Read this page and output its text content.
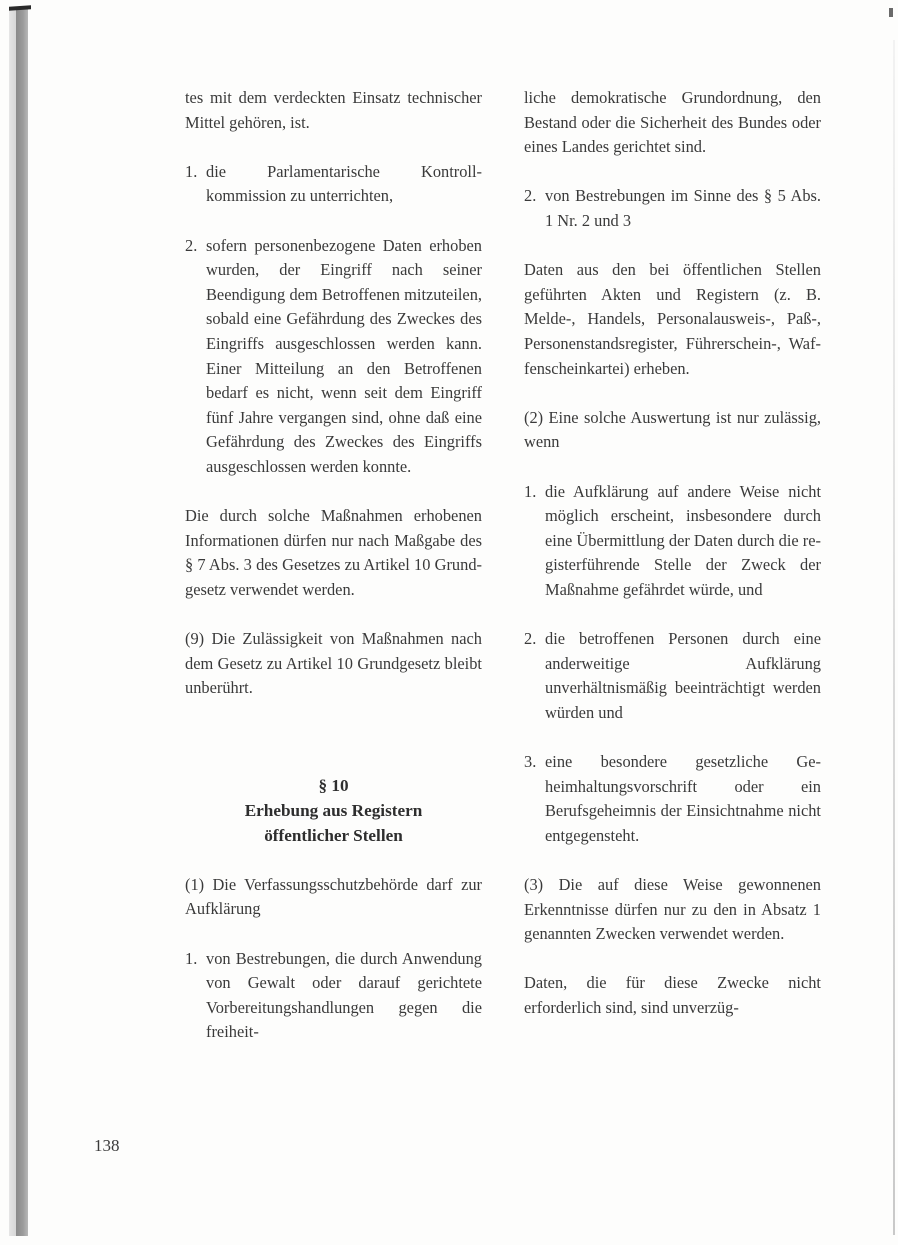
tes mit dem verdeckten Einsatz technischer Mittel gehören, ist.

1. die Parlamentarische Kontrollkommission zu unterrichten,
2. sofern personenbezogene Daten erhoben wurden, der Eingriff nach seiner Beendigung dem Betroffenen mitzuteilen, sobald eine Gefährdung des Zweckes des Eingriffs ausgeschlossen werden kann. Einer Mitteilung an den Betroffenen bedarf es nicht, wenn seit dem Eingriff fünf Jahre vergangen sind, ohne daß eine Gefährdung des Zweckes des Eingriffs ausgeschlossen werden konnte.

Die durch solche Maßnahmen erhobenen Informationen dürfen nur nach Maßgabe des § 7 Abs. 3 des Gesetzes zu Artikel 10 Grundgesetz verwendet werden.

(9) Die Zulässigkeit von Maßnahmen nach dem Gesetz zu Artikel 10 Grundgesetz bleibt unberührt.

§ 10
Erhebung aus Registern
öffentlicher Stellen

(1) Die Verfassungsschutzbehörde darf zur Aufklärung

1. von Bestrebungen, die durch Anwendung von Gewalt oder darauf gerichtete Vorbereitungshandlungen gegen die freiheit-

liche demokratische Grundordnung, den Bestand oder die Sicherheit des Bundes oder eines Landes gerichtet sind.

2. von Bestrebungen im Sinne des § 5 Abs. 1 Nr. 2 und 3

Daten aus den bei öffentlichen Stellen geführten Akten und Registern (z. B. Melde-, Handels, Personalausweis-, Paß-, Personenstandsregister, Führerschein-, Waffenscheinkartei) erheben.

(2) Eine solche Auswertung ist nur zulässig, wenn

1. die Aufklärung auf andere Weise nicht möglich erscheint, insbesondere durch eine Übermittlung der Daten durch die registerführende Stelle der Zweck der Maßnahme gefährdet würde, und
2. die betroffenen Personen durch eine anderweitige Aufklärung unverhältnismäßig beeinträchtigt werden würden und
3. eine besondere gesetzliche Geheimhaltungsvorschrift oder ein Berufsgeheimnis der Einsichtnahme nicht entgegensteht.

(3) Die auf diese Weise gewonnenen Erkenntnisse dürfen nur zu den in Absatz 1 genannten Zwecken verwendet werden.

Daten, die für diese Zwecke nicht erforderlich sind, sind unverzüg-

138
